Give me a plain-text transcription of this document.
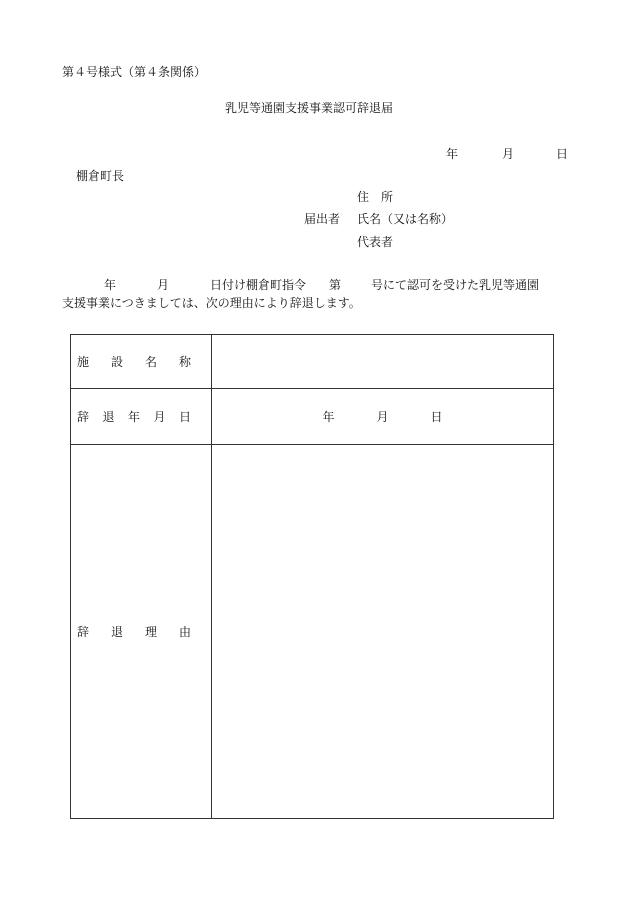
第４号様式（第４条関係）
乳児等通園支援事業認可辞退届
年	月	日
棚倉町長
住　所
届出者 氏名（又は名称）
代表者
年	月	日付け棚倉町指令 第 号にて認可を受けた乳児等通園
支援事業につきましては、次の理由により辞退します。
施 設 名 称	

辞 退 年 月 日	年 月 日

辞 退 理 由	
